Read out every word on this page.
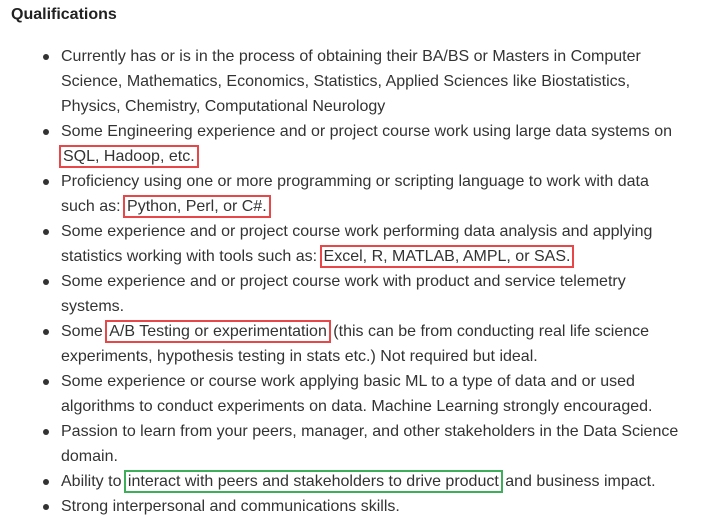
Qualifications
Currently has or is in the process of obtaining their BA/BS or Masters in Computer Science, Mathematics, Economics, Statistics, Applied Sciences like Biostatistics, Physics, Chemistry, Computational Neurology
Some Engineering experience and or project course work using large data systems on SQL, Hadoop, etc.
Proficiency using one or more programming or scripting language to work with data such as: Python, Perl, or C#.
Some experience and or project course work performing data analysis and applying statistics working with tools such as: Excel, R, MATLAB, AMPL, or SAS.
Some experience and or project course work with product and service telemetry systems.
Some A/B Testing or experimentation (this can be from conducting real life science experiments, hypothesis testing in stats etc.) Not required but ideal.
Some experience or course work applying basic ML to a type of data and or used algorithms to conduct experiments on data. Machine Learning strongly encouraged.
Passion to learn from your peers, manager, and other stakeholders in the Data Science domain.
Ability to interact with peers and stakeholders to drive product and business impact.
Strong interpersonal and communications skills.
